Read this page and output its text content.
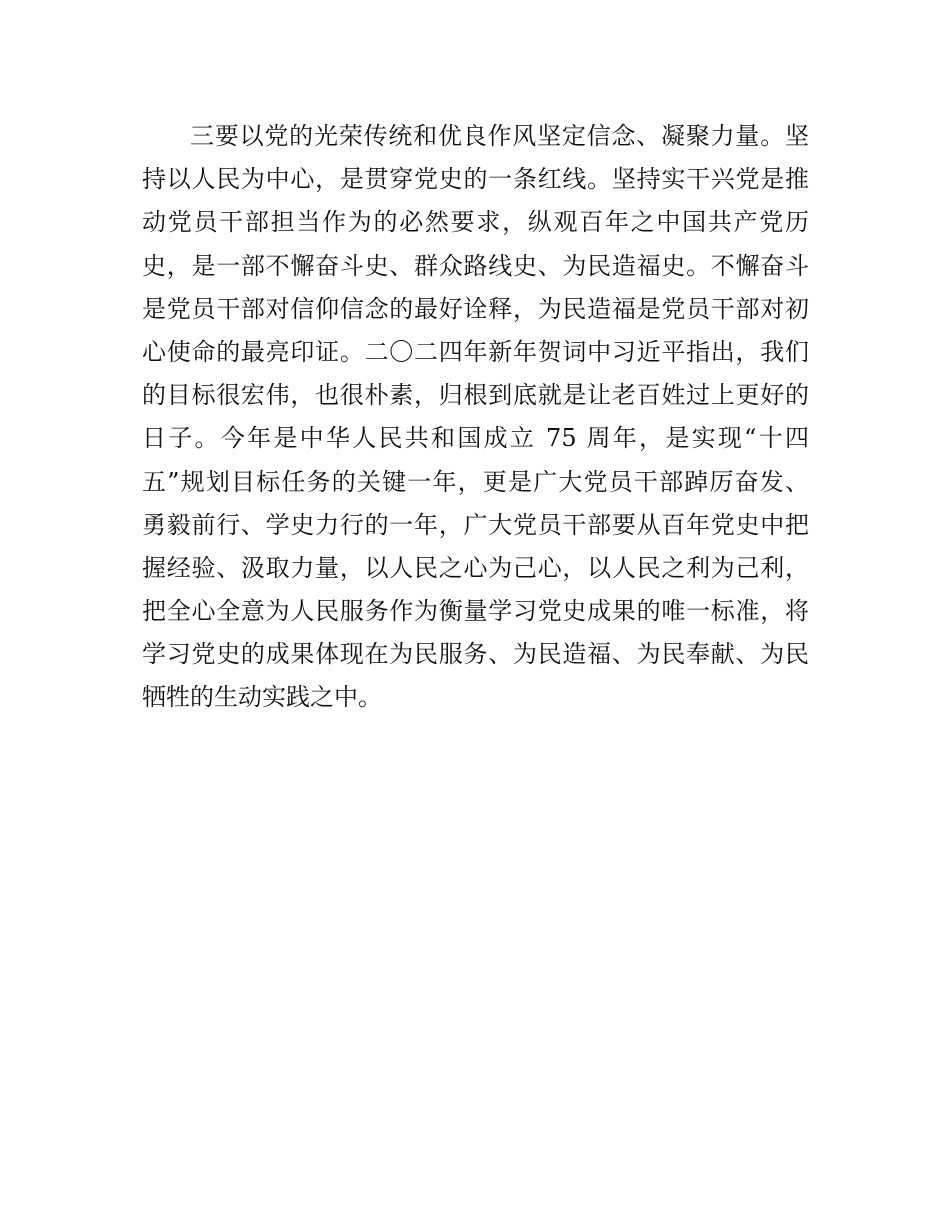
三要以党的光荣传统和优良作风坚定信念、凝聚力量。坚
持以人民为中心，是贯穿党史的一条红线。坚持实干兴党是推
动党员干部担当作为的必然要求，纵观百年之中国共产党历
史，是一部不懈奋斗史、群众路线史、为民造福史。不懈奋斗
是党员干部对信仰信念的最好诠释，为民造福是党员干部对初
心使命的最亮印证。二〇二四年新年贺词中习近平指出，我们
的目标很宏伟，也很朴素，归根到底就是让老百姓过上更好的
日子。今年是中华人民共和国成立 75 周年，是实现“十四
五”规划目标任务的关键一年，更是广大党员干部踔厉奋发、
勇毅前行、学史力行的一年，广大党员干部要从百年党史中把
握经验、汲取力量，以人民之心为己心，以人民之利为己利，
把全心全意为人民服务作为衡量学习党史成果的唯一标准，将
学习党史的成果体现在为民服务、为民造福、为民奉献、为民
牺牲的生动实践之中。
